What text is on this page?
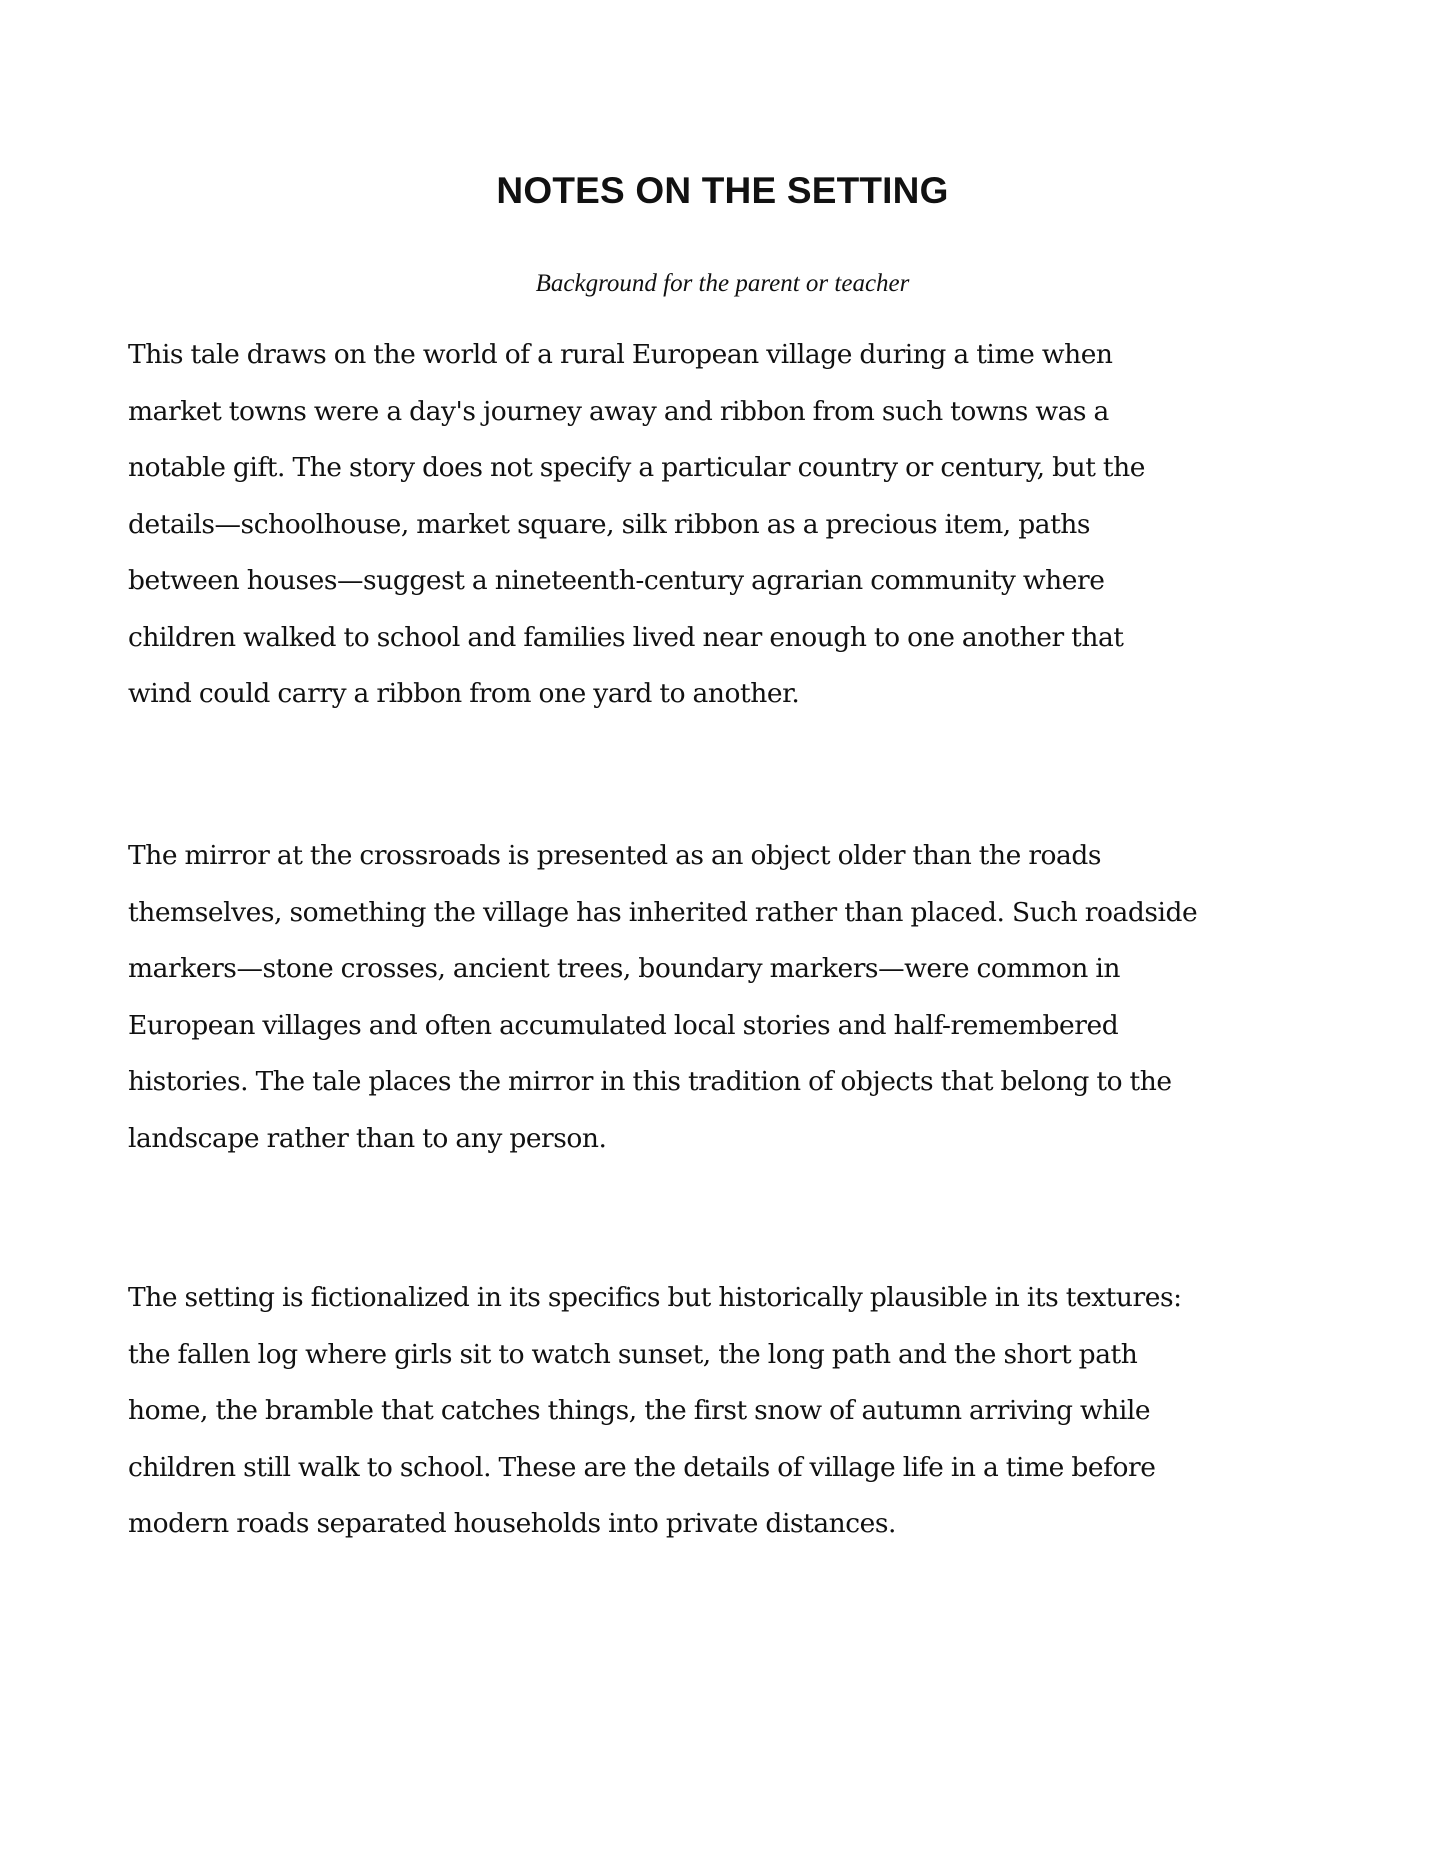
NOTES ON THE SETTING

Background for the parent or teacher

This tale draws on the world of a rural European village during a time when
market towns were a day's journey away and ribbon from such towns was a
notable gift. The story does not specify a particular country or century, but the
details—schoolhouse, market square, silk ribbon as a precious item, paths
between houses—suggest a nineteenth-century agrarian community where
children walked to school and families lived near enough to one another that
wind could carry a ribbon from one yard to another.

The mirror at the crossroads is presented as an object older than the roads
themselves, something the village has inherited rather than placed. Such roadside
markers—stone crosses, ancient trees, boundary markers—were common in
European villages and often accumulated local stories and half-remembered
histories. The tale places the mirror in this tradition of objects that belong to the
landscape rather than to any person.

The setting is fictionalized in its specifics but historically plausible in its textures:
the fallen log where girls sit to watch sunset, the long path and the short path
home, the bramble that catches things, the first snow of autumn arriving while
children still walk to school. These are the details of village life in a time before
modern roads separated households into private distances.
